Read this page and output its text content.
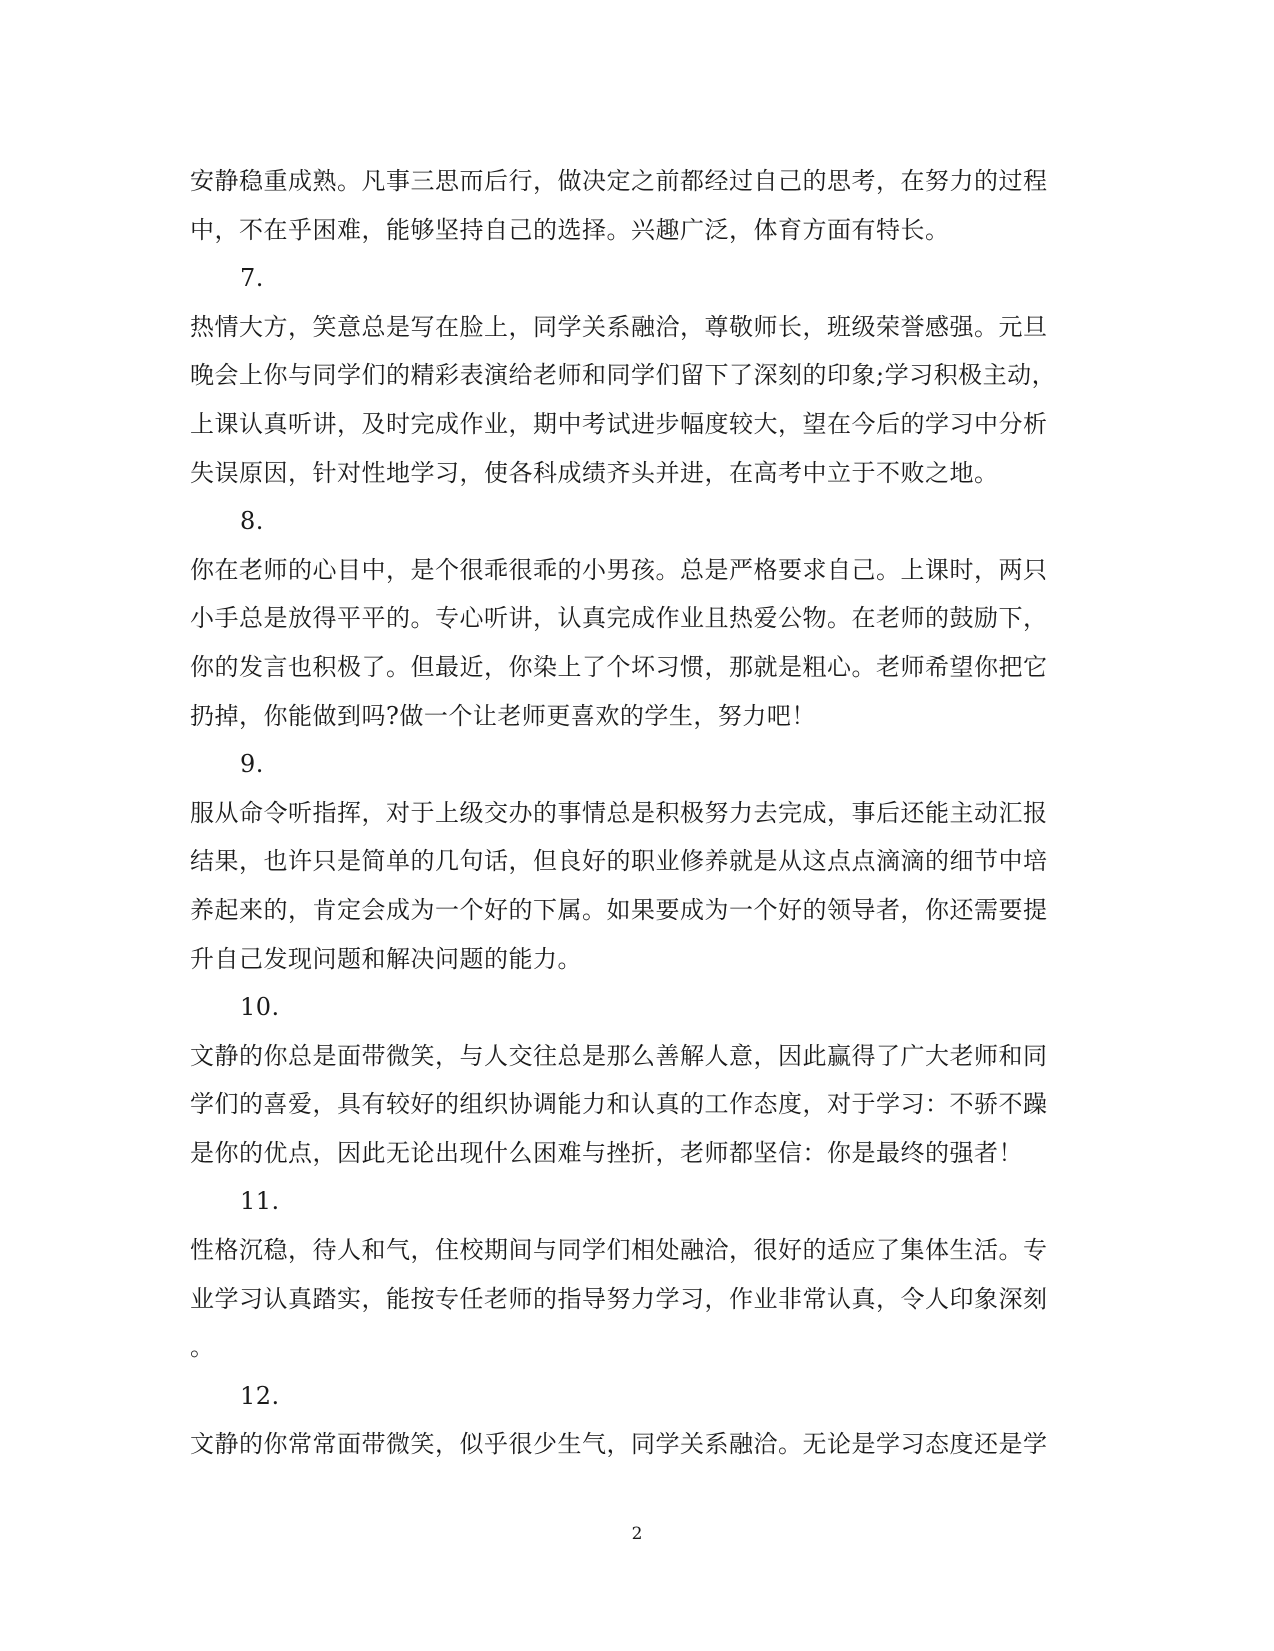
安静稳重成熟。凡事三思而后行，做决定之前都经过自己的思考，在努力的过程
中，不在乎困难，能够坚持自己的选择。兴趣广泛，体育方面有特长。
7.
热情大方，笑意总是写在脸上，同学关系融洽，尊敬师长，班级荣誉感强。元旦
晚会上你与同学们的精彩表演给老师和同学们留下了深刻的印象;学习积极主动，
上课认真听讲，及时完成作业，期中考试进步幅度较大，望在今后的学习中分析
失误原因，针对性地学习，使各科成绩齐头并进，在高考中立于不败之地。
8.
你在老师的心目中，是个很乖很乖的小男孩。总是严格要求自己。上课时，两只
小手总是放得平平的。专心听讲，认真完成作业且热爱公物。在老师的鼓励下，
你的发言也积极了。但最近，你染上了个坏习惯，那就是粗心。老师希望你把它
扔掉，你能做到吗?做一个让老师更喜欢的学生，努力吧！
9.
服从命令听指挥，对于上级交办的事情总是积极努力去完成，事后还能主动汇报
结果，也许只是简单的几句话，但良好的职业修养就是从这点点滴滴的细节中培
养起来的，肯定会成为一个好的下属。如果要成为一个好的领导者，你还需要提
升自己发现问题和解决问题的能力。
10.
文静的你总是面带微笑，与人交往总是那么善解人意，因此赢得了广大老师和同
学们的喜爱，具有较好的组织协调能力和认真的工作态度，对于学习：不骄不躁
是你的优点，因此无论出现什么困难与挫折，老师都坚信：你是最终的强者！
11.
性格沉稳，待人和气，住校期间与同学们相处融洽，很好的适应了集体生活。专
业学习认真踏实，能按专任老师的指导努力学习，作业非常认真，令人印象深刻
。
12.
文静的你常常面带微笑，似乎很少生气，同学关系融洽。无论是学习态度还是学
2
